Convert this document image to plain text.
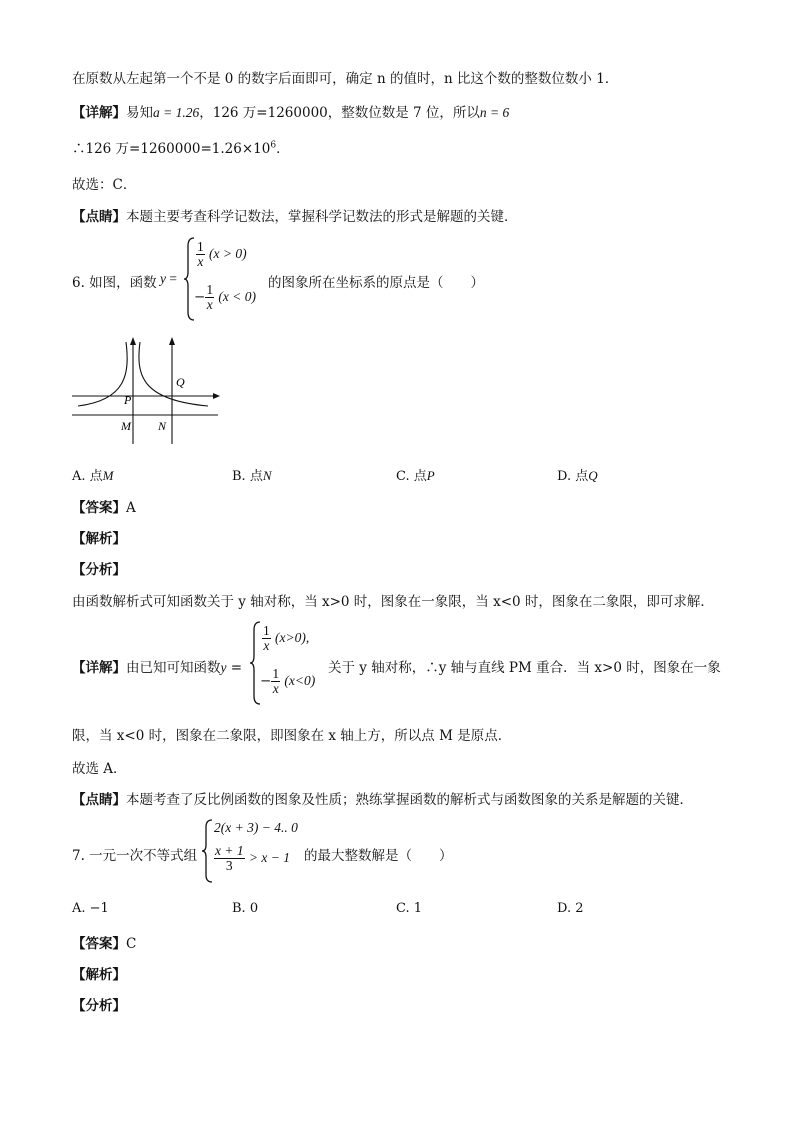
在原数从左起第一个不是 0 的数字后面即可，确定 n 的值时，n 比这个数的整数位数小 1．
【详解】易知a = 1.26，126 万=1260000，整数位数是 7 位，所以n = 6
∴126 万$=1260000=1.26\times 10^6$．
故选：C．
【点睛】本题主要考查科学记数法，掌握科学记数法的形式是解题的关键．
6. 如图，函数 y =
$\frac{1}{x} (x > 0)$
− $\frac{1}{x} (x < 0)$
的图象所在坐标系的原点是（　　）
Q
P
M N
A. 点M	B. 点N	C. 点P	D. 点Q
【答案】A
【解析】
【分析】
由函数解析式可知函数关于 y 轴对称，当 x>0 时，图象在一象限，当 x<0 时，图象在二象限，即可求解．
【详解】由已知可知函数y =
$\frac{1}{x} (x>0)$,
− $\frac{1}{x} (x<0)$
关于 y 轴对称，∴y 轴与直线 PM 重合．当 x>0 时，图象在一象
限，当 x<0 时，图象在二象限，即图象在 x 轴上方，所以点 M 是原点．
故选 A．
【点睛】本题考查了反比例函数的图象及性质；熟练掌握函数的解析式与函数图象的关系是解题的关键．
7. 一元一次不等式组
2(x + 3) − 4.. 0
$\frac{x + 1}{3} > x - 1$ 的最大整数解是（　　）
A. −1	B. 0	C. 1	D. 2
【答案】C
【解析】
【分析】
